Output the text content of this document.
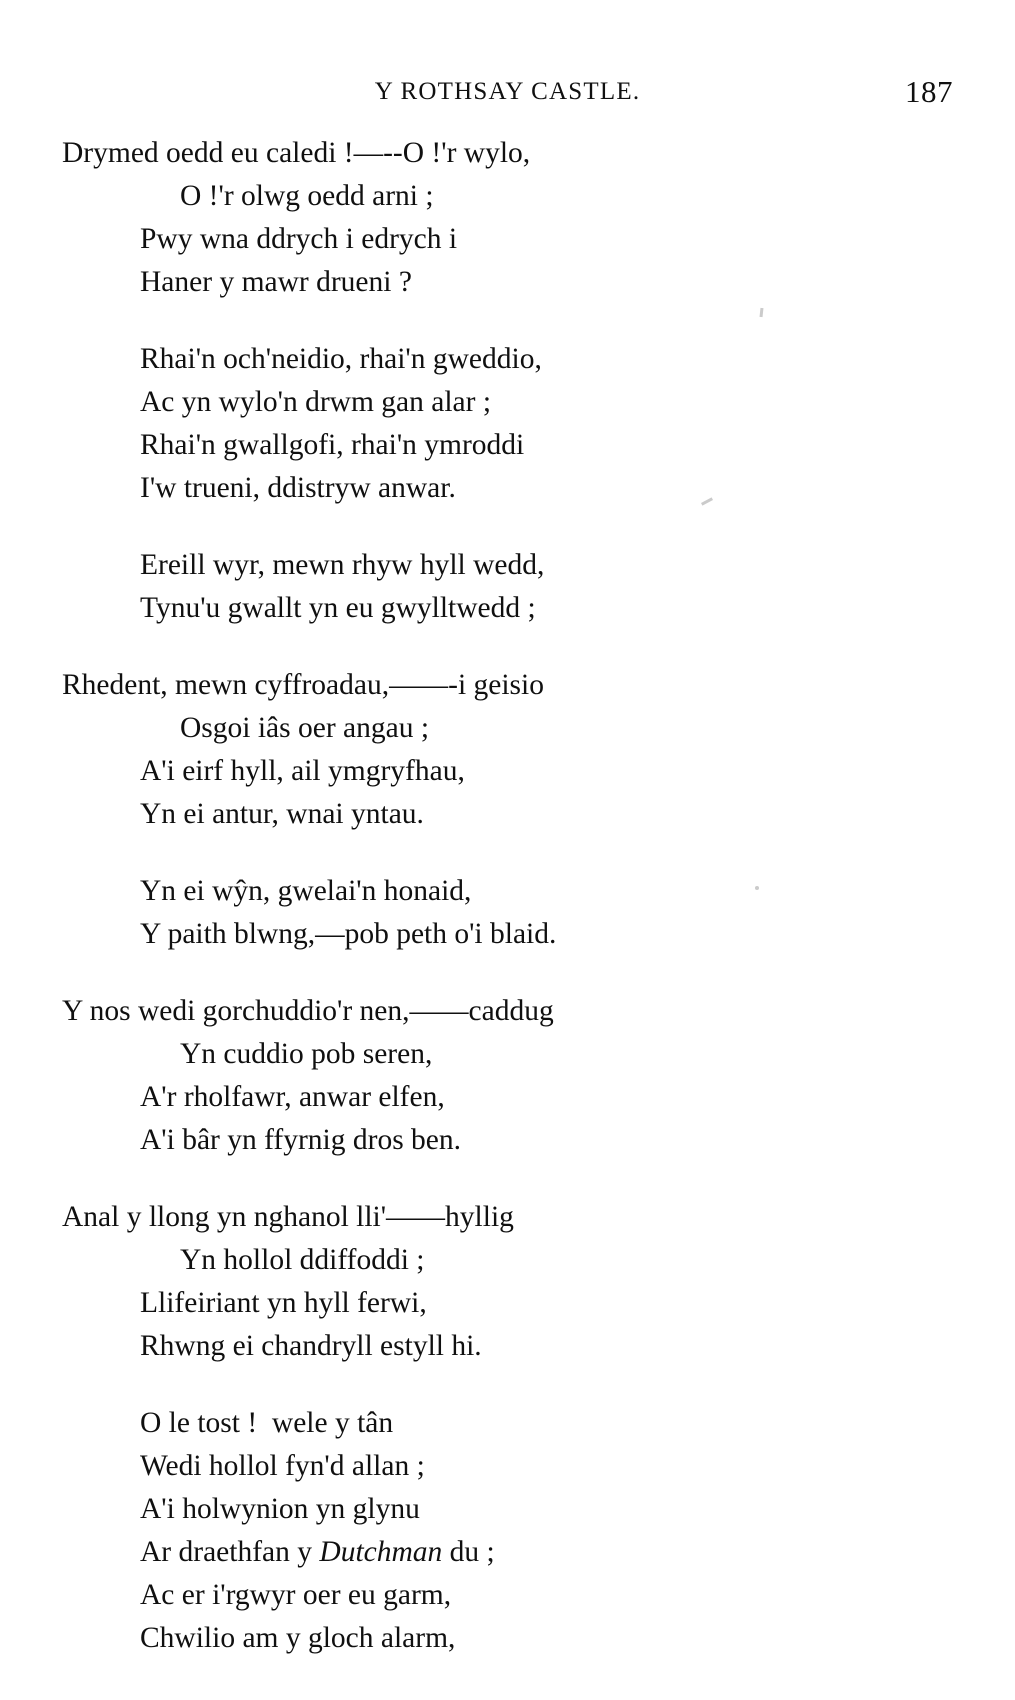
Y ROTHSAY CASTLE.	187
Drymed oedd eu caledi !—--O !'r wylo,
O !'r olwg oedd arni ;
Pwy wna ddrych i edrych i
Haner y mawr drueni ?
Rhai'n och'neidio, rhai'n gweddio,
Ac yn wylo'n drwm gan alar ;
Rhai'n gwallgofi, rhai'n ymroddi
I'w trueni, ddistryw anwar.
Ereill wyr, mewn rhyw hyll wedd,
Tynu'u gwallt yn eu gwylltwedd ;
Rhedent, mewn cyffroadau,——-i geisio
Osgoi iâs oer angau ;
A'i eirf hyll, ail ymgryfhau,
Yn ei antur, wnai yntau.
Yn ei wŷn, gwelai'n honaid,
Y paith blwng,—pob peth o'i blaid.
Y nos wedi gorchuddio'r nen,——caddug
Yn cuddio pob seren,
A'r rholfawr, anwar elfen,
A'i bâr yn ffyrnig dros ben.
Anal y llong yn nghanol lli'——hyllig
Yn hollol ddiffoddi ;
Llifeiriant yn hyll ferwi,
Rhwng ei chandryll estyll hi.
O le tost !  wele y tân
Wedi hollol fyn'd allan ;
A'i holwynion yn glynu
Ar draethfan y Dutchman du ;
Ac er i'rgwyr oer eu garm,
Chwilio am y gloch alarm,
